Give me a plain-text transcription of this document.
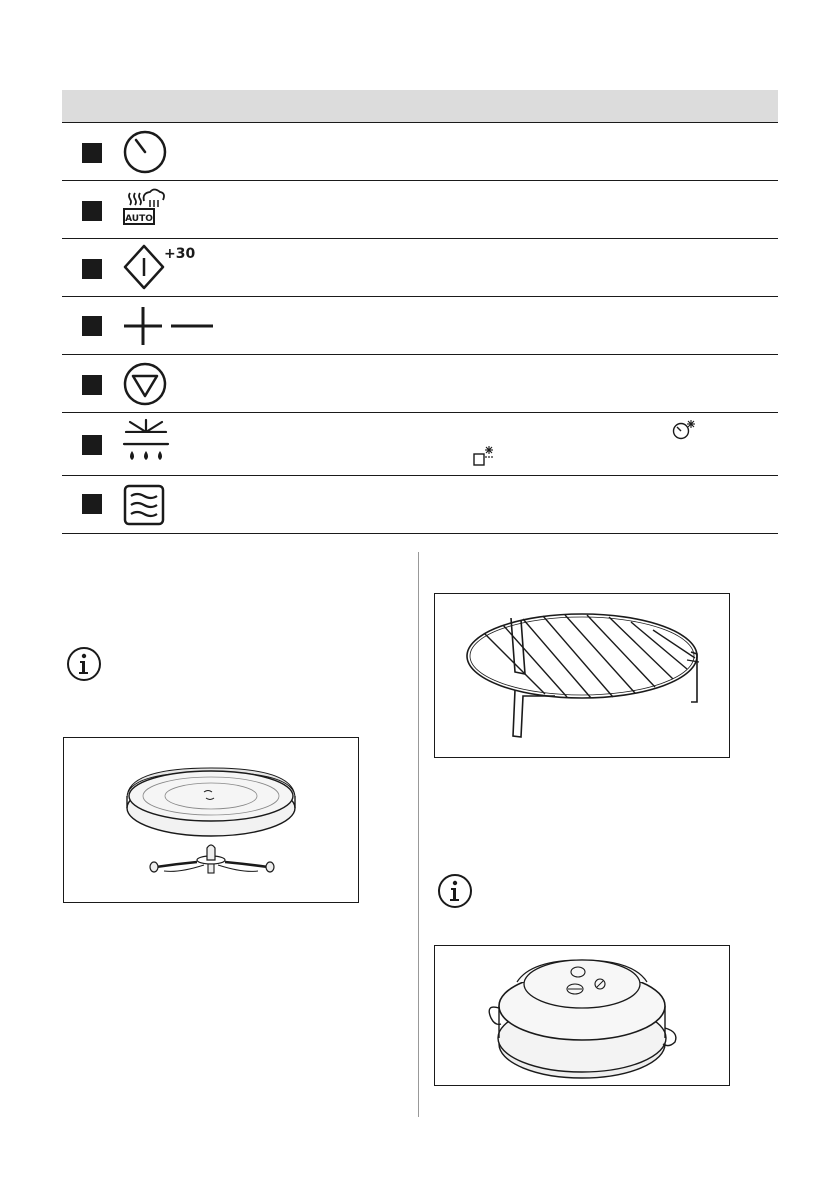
AUTO
+30
